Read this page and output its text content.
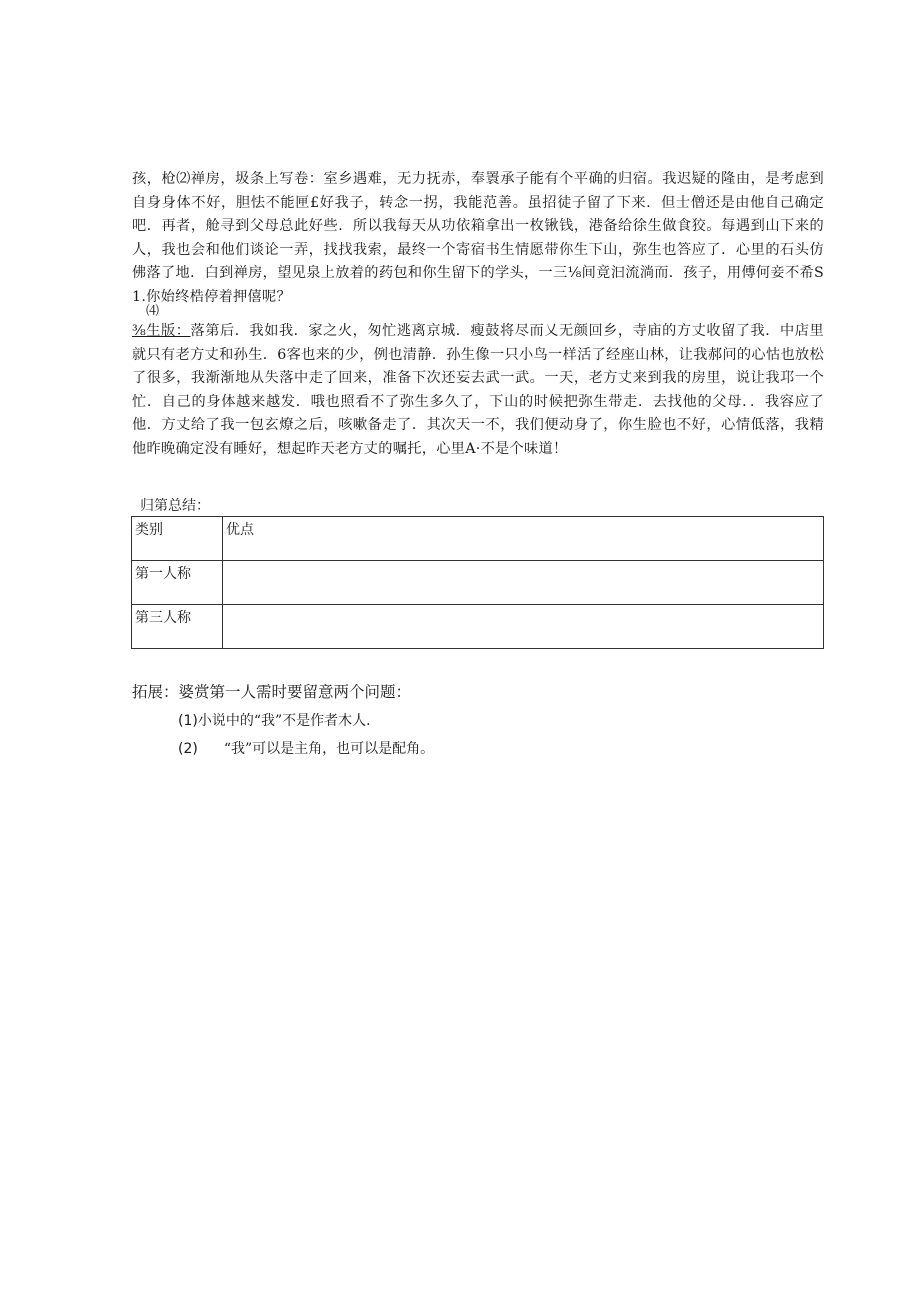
孩，枪⑵禅房，圾条上写卷：室乡遇难，无力抚赤，奉瞏承子能有个平确的归宿。我迟疑的隆由，是考虑到自身身体不好，胆怯不能匣£好我子，转念一拐，我能范善。虽招徒子留了下来．但士僧还是由他自己确定吧．再者，舱寻到父母总此好些．所以我每天从功依箱拿出一枚锹钱，港备给徐生做食狡。每遇到山下来的人，我也会和他们谈论一弄，找找我索，最终一个寄宿书生情愿带你生下山，弥生也答应了．心里的石头仿佛落了地．白到禅房，望见泉上放着的药包和你生留下的学头，一三⅛间竟汩流淌而．孩子，用傅何妾不希S1.你始终梏停着押僖呢？
⑷
⅜生版：落第后．我如我．家之火，匆忙逃离京城．瘦鼓将尽而乂无颜回乡，寺庙的方丈收留了我．中店里就只有老方丈和孙生．6客也来的少，例也清静．孙生像一只小鸟一样活了经座山林，让我郝问的心怙也放松了很多，我渐渐地从失落中走了回来，准备下次还妄去武一武。一天，老方丈来到我的房里，说让我邛一个忙．自己的身体越来越发．哦也照看不了弥生多久了，下山的时候把弥生带走．去找他的父母．．我容应了他．方丈给了我一包玄燎之后，咳嗽备走了．其次天一不，我们便动身了，你生脸也不好，心情低落，我精他昨晚确定没有睡好，想起昨天老方丈的嘱托，心里A·不是个味道！
归第总结：
类别	优点
第一人称	
第三人称	
拓展：婆赏第一人需时要留意两个问题：
(1)小说中的“我”不是作者木人．
(2) “我”可以是主角，也可以是配角。
